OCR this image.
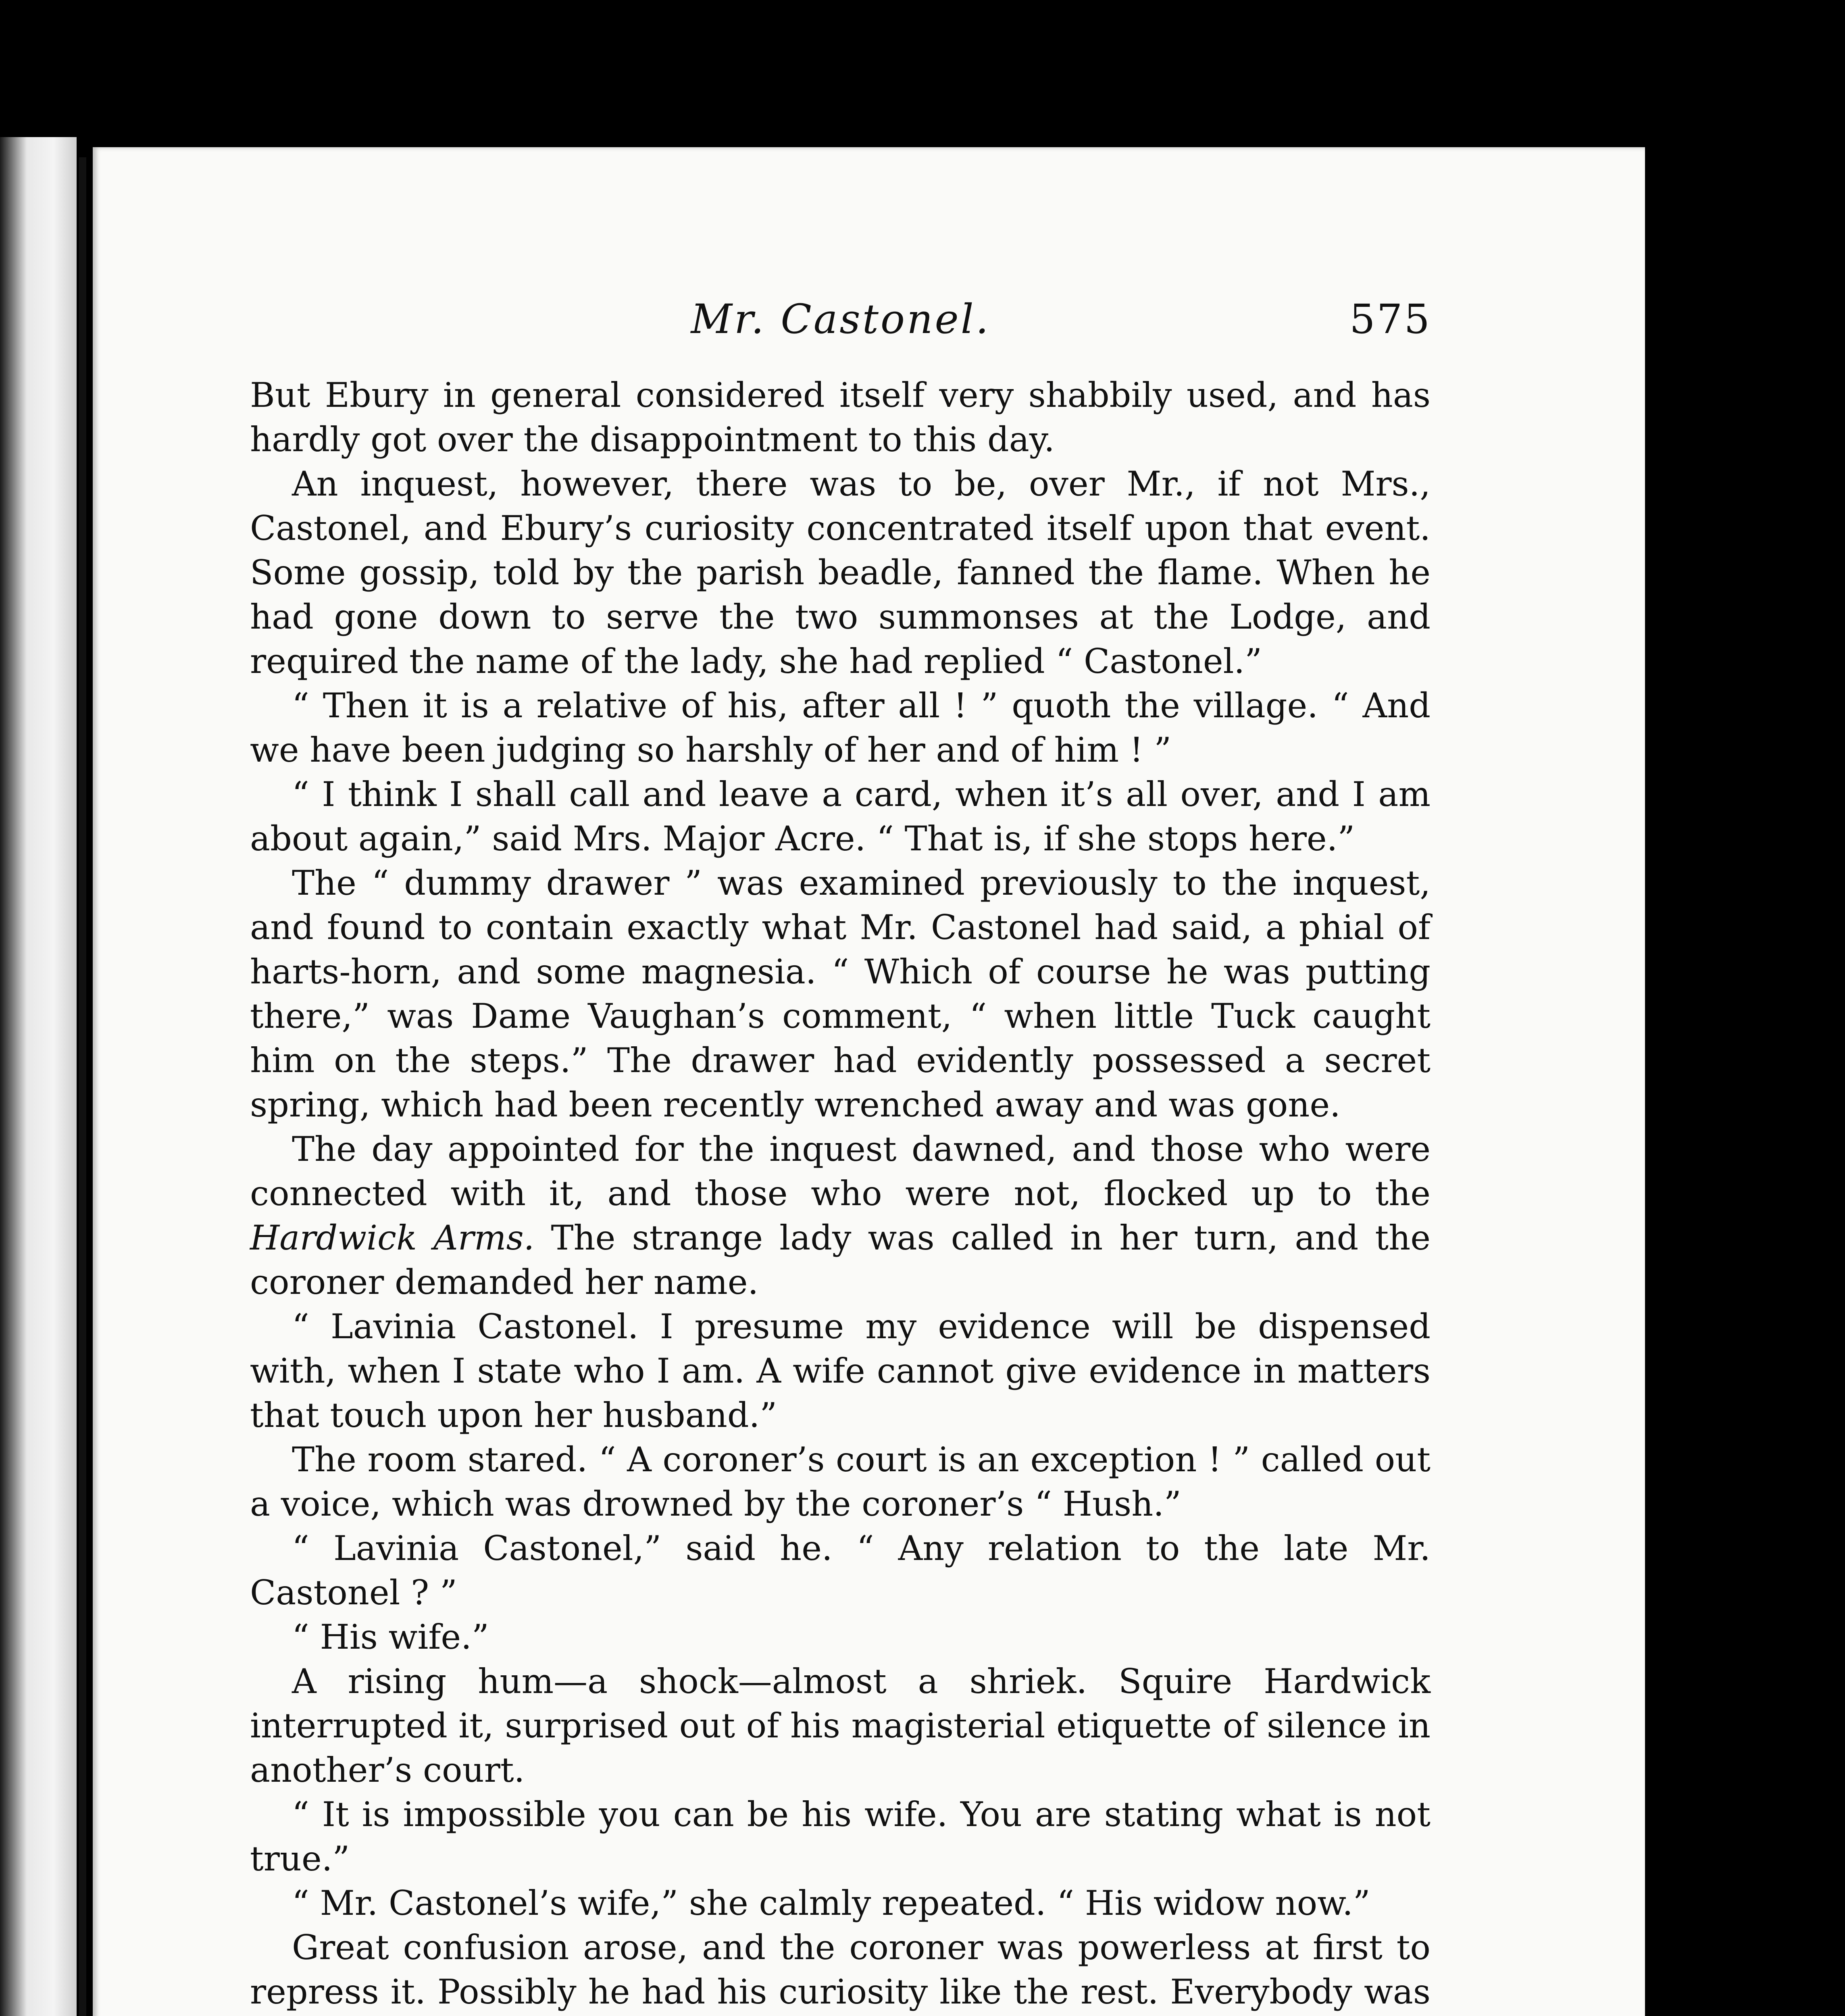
Mr. Castonel.	575

But Ebury in general considered itself very shabbily used, and has hardly got over the disappointment to this day.

An inquest, however, there was to be, over Mr., if not Mrs., Castonel, and Ebury’s curiosity concentrated itself upon that event. Some gossip, told by the parish beadle, fanned the flame. When he had gone down to serve the two summonses at the Lodge, and required the name of the lady, she had replied “ Castonel.”

“ Then it is a relative of his, after all ! ” quoth the village. “ And we have been judging so harshly of her and of him ! ”

“ I think I shall call and leave a card, when it’s all over, and I am about again,” said Mrs. Major Acre. “ That is, if she stops here.”

The “ dummy drawer ” was examined previously to the inquest, and found to contain exactly what Mr. Castonel had said, a phial of harts-horn, and some magnesia. “ Which of course he was putting there,” was Dame Vaughan’s comment, “ when little Tuck caught him on the steps.” The drawer had evidently possessed a secret spring, which had been recently wrenched away and was gone.

The day appointed for the inquest dawned, and those who were connected with it, and those who were not, flocked up to the Hardwick Arms. The strange lady was called in her turn, and the coroner demanded her name.

“ Lavinia Castonel. I presume my evidence will be dispensed with, when I state who I am. A wife cannot give evidence in matters that touch upon her husband.”

The room stared. “ A coroner’s court is an exception ! ” called out a voice, which was drowned by the coroner’s “ Hush.”

“ Lavinia Castonel,” said he. “ Any relation to the late Mr. Castonel ? ”

“ His wife.”

A rising hum—a shock—almost a shriek. Squire Hardwick interrupted it, surprised out of his magisterial etiquette of silence in another’s court.

“ It is impossible you can be his wife. You are stating what is not true.”

“ Mr. Castonel’s wife,” she calmly repeated. “ His widow now.”

Great confusion arose, and the coroner was powerless at first to repress it. Possibly he had his curiosity like the rest. Everybody was
